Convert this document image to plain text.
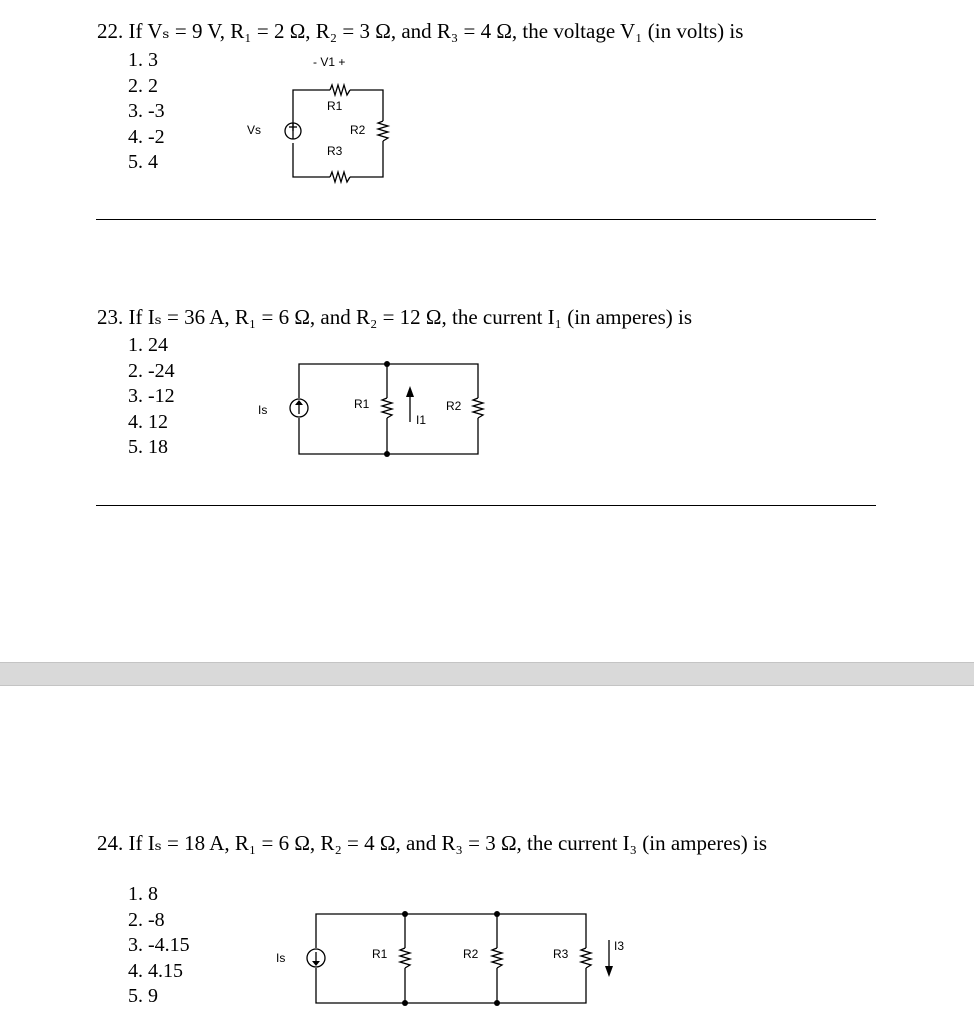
22. If Vₛ = 9 V, R₁ = 2 Ω, R₂ = 3 Ω, and R₃ = 4 Ω, the voltage V₁ (in volts) is
1. 3
2. 2
3. -3
4. -2
5. 4
Vs
- V1 +
R1
R2
R3
23. If Iₛ = 36 A, R₁ = 6 Ω, and R₂ = 12 Ω, the current I₁ (in amperes) is
1. 24
2. -24
3. -12
4. 12
5. 18
Is	R1
I1
R2
24. If Iₛ = 18 A, R₁ = 6 Ω, R₂ = 4 Ω, and R₃ = 3 Ω, the current I₃ (in amperes) is
1. 8
2. -8
3. -4.15
4. 4.15
5. 9
Is	R1	R2	R3
I3
